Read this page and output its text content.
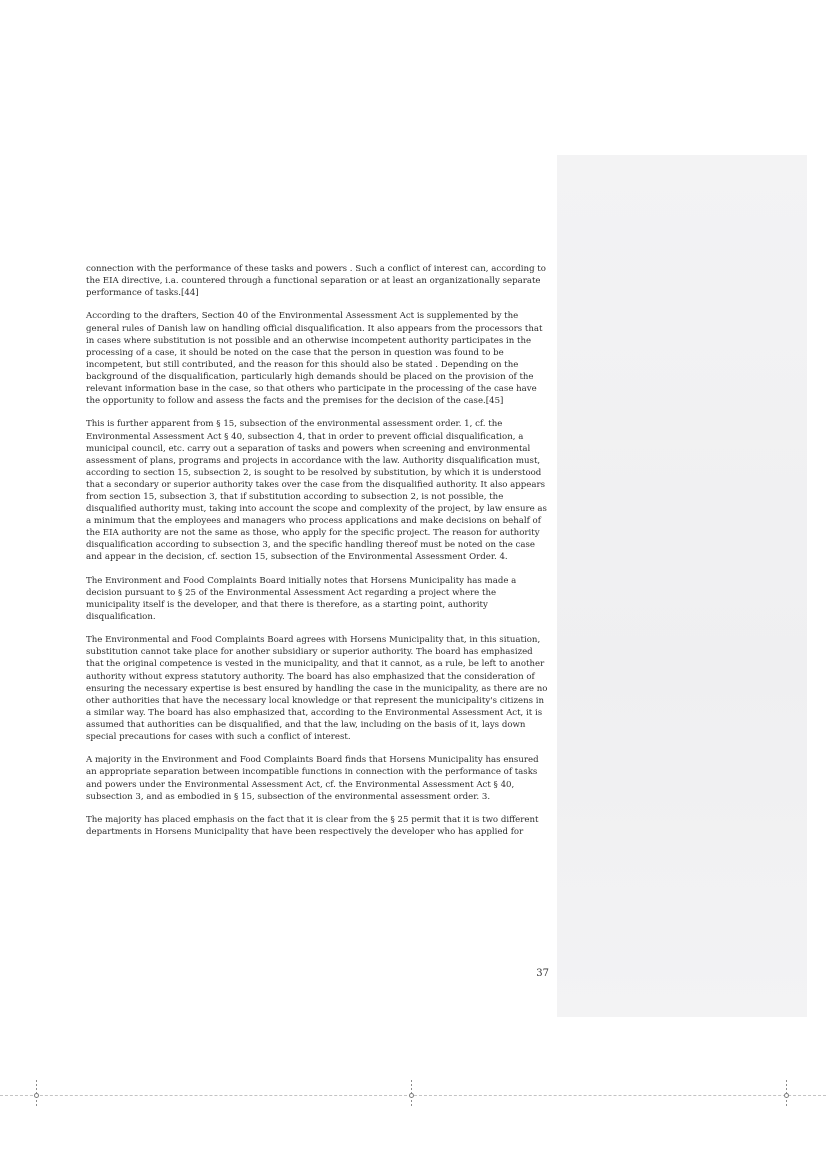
connection with the performance of these tasks and powers . Such a conflict of interest can, according to the EIA directive, i.a. countered through a functional separation or at least an organizationally separate performance of tasks.[44]

According to the drafters, Section 40 of the Environmental Assessment Act is supplemented by the general rules of Danish law on handling official disqualification. It also appears from the processors that in cases where substitution is not possible and an otherwise incompetent authority participates in the processing of a case, it should be noted on the case that the person in question was found to be incompetent, but still contributed, and the reason for this should also be stated . Depending on the background of the disqualification, particularly high demands should be placed on the provision of the relevant information base in the case, so that others who participate in the processing of the case have the opportunity to follow and assess the facts and the premises for the decision of the case.[45]

This is further apparent from § 15, subsection of the environmental assessment order. 1, cf. the Environmental Assessment Act § 40, subsection 4, that in order to prevent official disqualification, a municipal council, etc. carry out a separation of tasks and powers when screening and environmental assessment of plans, programs and projects in accordance with the law. Authority disqualification must, according to section 15, subsection 2, is sought to be resolved by substitution, by which it is understood that a secondary or superior authority takes over the case from the disqualified authority. It also appears from section 15, subsection 3, that if substitution according to subsection 2, is not possible, the disqualified authority must, taking into account the scope and complexity of the project, by law ensure as a minimum that the employees and managers who process applications and make decisions on behalf of the EIA authority are not the same as those, who apply for the specific project. The reason for authority disqualification according to subsection 3, and the specific handling thereof must be noted on the case and appear in the decision, cf. section 15, subsection of the Environmental Assessment Order. 4.

The Environment and Food Complaints Board initially notes that Horsens Municipality has made a decision pursuant to § 25 of the Environmental Assessment Act regarding a project where the municipality itself is the developer, and that there is therefore, as a starting point, authority disqualification.

The Environmental and Food Complaints Board agrees with Horsens Municipality that, in this situation, substitution cannot take place for another subsidiary or superior authority. The board has emphasized that the original competence is vested in the municipality, and that it cannot, as a rule, be left to another authority without express statutory authority. The board has also emphasized that the consideration of ensuring the necessary expertise is best ensured by handling the case in the municipality, as there are no other authorities that have the necessary local knowledge or that represent the municipality's citizens in a similar way. The board has also emphasized that, according to the Environmental Assessment Act, it is assumed that authorities can be disqualified, and that the law, including on the basis of it, lays down special precautions for cases with such a conflict of interest.

A majority in the Environment and Food Complaints Board finds that Horsens Municipality has ensured an appropriate separation between incompatible functions in connection with the performance of tasks and powers under the Environmental Assessment Act, cf. the Environmental Assessment Act § 40, subsection 3, and as embodied in § 15, subsection of the environmental assessment order. 3.

The majority has placed emphasis on the fact that it is clear from the § 25 permit that it is two different departments in Horsens Municipality that have been respectively the developer who has applied for

37
